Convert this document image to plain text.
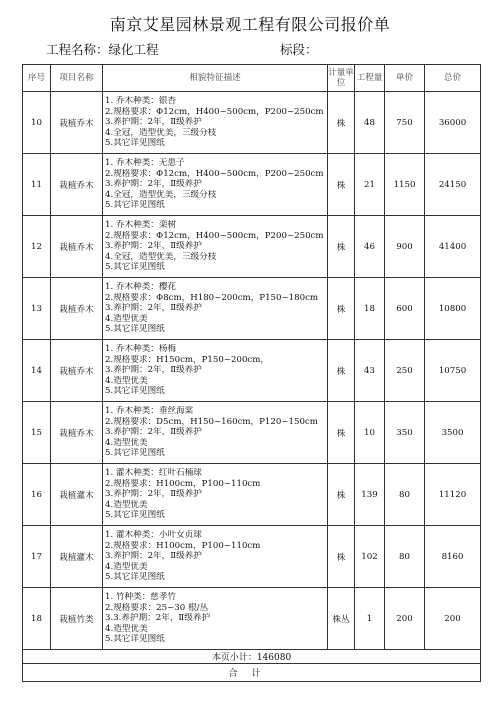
南京艾星园林景观工程有限公司报价单
工程名称：绿化工程	标段：
序号	项目名称	相貌特征描述	计量单位	工程量	单价	总价
10	栽植乔木	1. 乔木种类：银杏
2.规格要求：Φ12cm，H400~500cm，P200~250cm
3.养护期：2年，Ⅱ级养护
4.全冠，造型优美，三级分枝
5.其它详见图纸	株	48	750	36000
11	栽植乔木	1. 乔木种类：无患子
2.规格要求：Φ12cm，H400~500cm，P200~250cm
3.养护期：2年，Ⅱ级养护
4.全冠，造型优美，三级分枝
5.其它详见图纸	株	21	1150	24150
12	栽植乔木	1. 乔木种类：栾树
2.规格要求：Φ12cm，H400~500cm，P200~250cm
3.养护期：2年，Ⅱ级养护
4.全冠，造型优美，三级分枝
5.其它详见图纸	株	46	900	41400
13	栽植乔木	1. 乔木种类：樱花
2.规格要求：Φ8cm，H180~200cm，P150~180cm
3.养护期：2年，Ⅱ级养护
4.造型优美
5.其它详见图纸	株	18	600	10800
14	栽植乔木	1. 乔木种类：杨梅
2.规格要求：H150cm，P150~200cm，
3.养护期：2年，Ⅱ级养护
4.造型优美
5.其它详见图纸	株	43	250	10750
15	栽植乔木	1. 乔木种类：垂丝海棠
2.规格要求：D5cm，H150~160cm，P120~150cm
3.养护期：2年，Ⅱ级养护
4.造型优美
5.其它详见图纸	株	10	350	3500
16	栽植灌木	1. 灌木种类：红叶石楠球
2.规格要求：H100cm，P100~110cm
3.养护期：2年，Ⅱ级养护
4.造型优美
5.其它详见图纸	株	139	80	11120
17	栽植灌木	1. 灌木种类：小叶女贞球
2.规格要求：H100cm，P100~110cm
3.养护期：2年，Ⅱ级养护
4.造型优美
5.其它详见图纸	株	102	80	8160
18	栽植竹类	1. 竹种类：慈孝竹
2.规格要求：25~30 根/丛
3.3.养护期：2年，Ⅱ级养护
4.造型优美
5.其它详见图纸	株丛	1	200	200
本页小计：146080						
合计						
